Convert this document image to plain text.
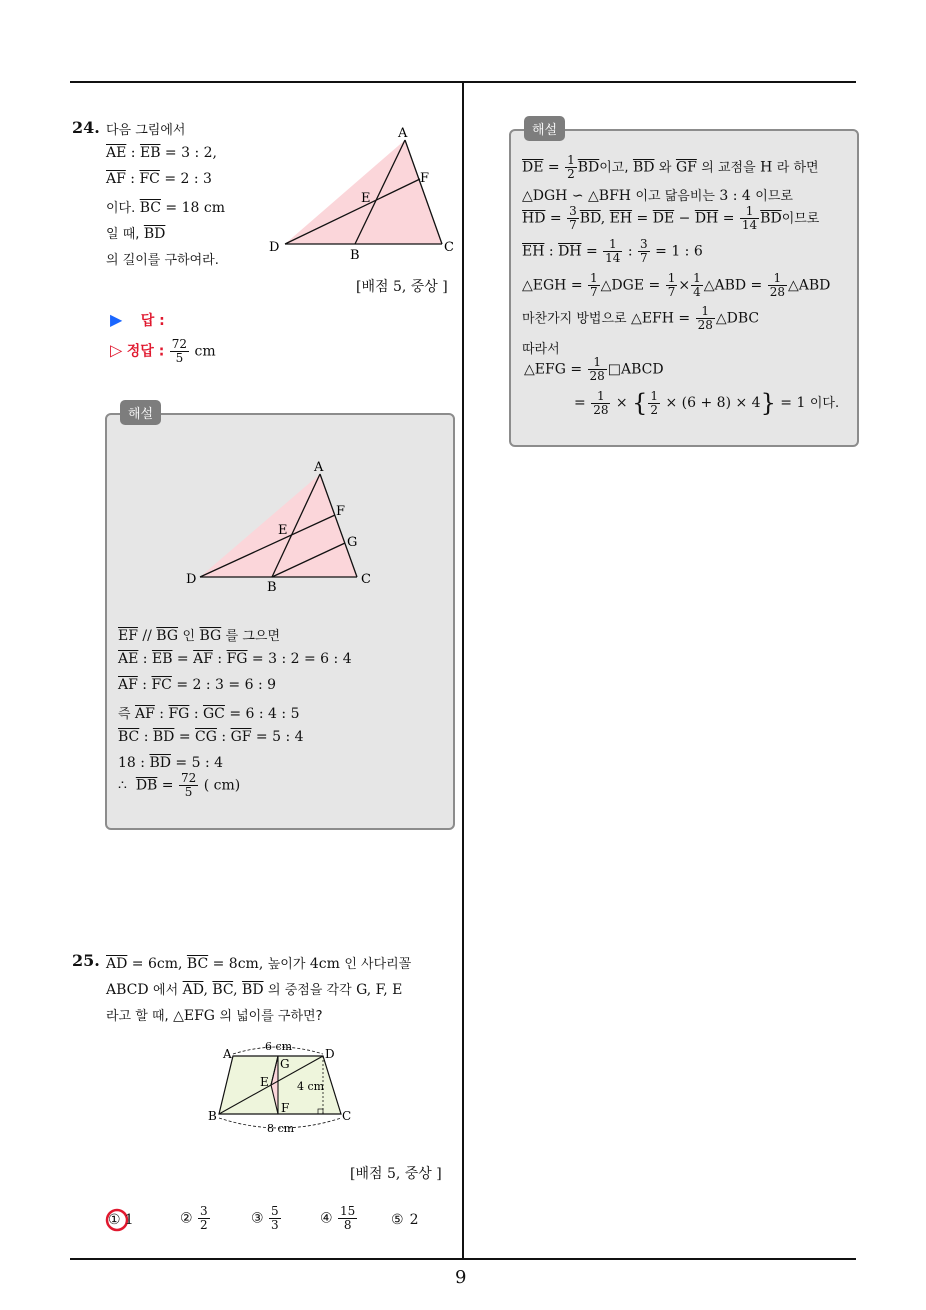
9
24. 다음 그림에서
$\overline{AE}$ : $\overline{EB} = 3$ : 2,
$\overline{AF}$ : $\overline{FC} = 2$ : 3
이다. $\overline{BC} = 18$ cm
일 때, $\overline{BD}$
의 길이를 구하여라.
A
F
E
D
B
C
[배점 5, 중상 ]
▶ 답 :
▷ 정답 : $\frac{72}{5}$ cm
해설
A
F
G
E
D
B
C
$\overline{EF} // \overline{BG}$ 인 $\overline{BG}$ 를 그으면
$\overline{AE}$ : $\overline{EB} = \overline{AF}$ : $\overline{FG} = 3$ : 2 = 6 : 4
$\overline{AF}$ : $\overline{FC} = 2$ : 3 = 6 : 9
즉 $\overline{AF}$ : $\overline{FG}$ : $\overline{GC} = 6$ : 4 : 5
$\overline{BC}$ : $\overline{BD} = \overline{CG}$ : $\overline{GF} = 5$ : 4
18 : $\overline{BD} = 5$ : 4
∴  $\overline{DB} = \frac{72}{5}$ ( cm)
25. $\overline{AD} = 6cm$, $\overline{BC} = 8cm$, 높이가 4cm 인 사다리꼴
ABCD 에서 $\overline{AD}$, $\overline{BC}$, $\overline{BD}$ 의 중점을 각각 G, F, E
라고 할 때, △EFG 의 넓이를 구하면?
A	D
B	C
G
E
F
6 cm
8 cm
4 cm
[배점 5, 중상 ]
① 1	② $\frac{3}{2}$	③ $\frac{5}{3}$	④ $\frac{15}{8}$ ⑤ 2
해설
$\overline{DE} = \frac{1}{2} \overline{BD}$이고, $\overline{BD}$ 와 $\overline{GF}$ 의 교점을 H 라 하면
△DGH ∽ △BFH 이고 닮음비는 3 : 4 이므로
$\overline{HD} = \frac{3}{7} \overline{BD}$, $\overline{EH} = \overline{DE} - \overline{DH} = \frac{1}{14} \overline{BD}$이므로
$\overline{EH}$ : $\overline{DH} = \frac{1}{14}$ : $\frac{3}{7} = 1$ : 6
△EGH = $\frac{1}{7}$ △DGE = $\frac{1}{7} \times \frac{1}{4}$ △ABD = $\frac{1}{28}$ △ABD
마찬가지 방법으로 △EFH = $\frac{1}{28}$ △DBC
따라서
△EFG = $\frac{1}{28}$ □ABCD
= $\frac{1}{28}$ × { $\frac{1}{2} \times (6 + 8) \times 4\} = 1$ 이다.
